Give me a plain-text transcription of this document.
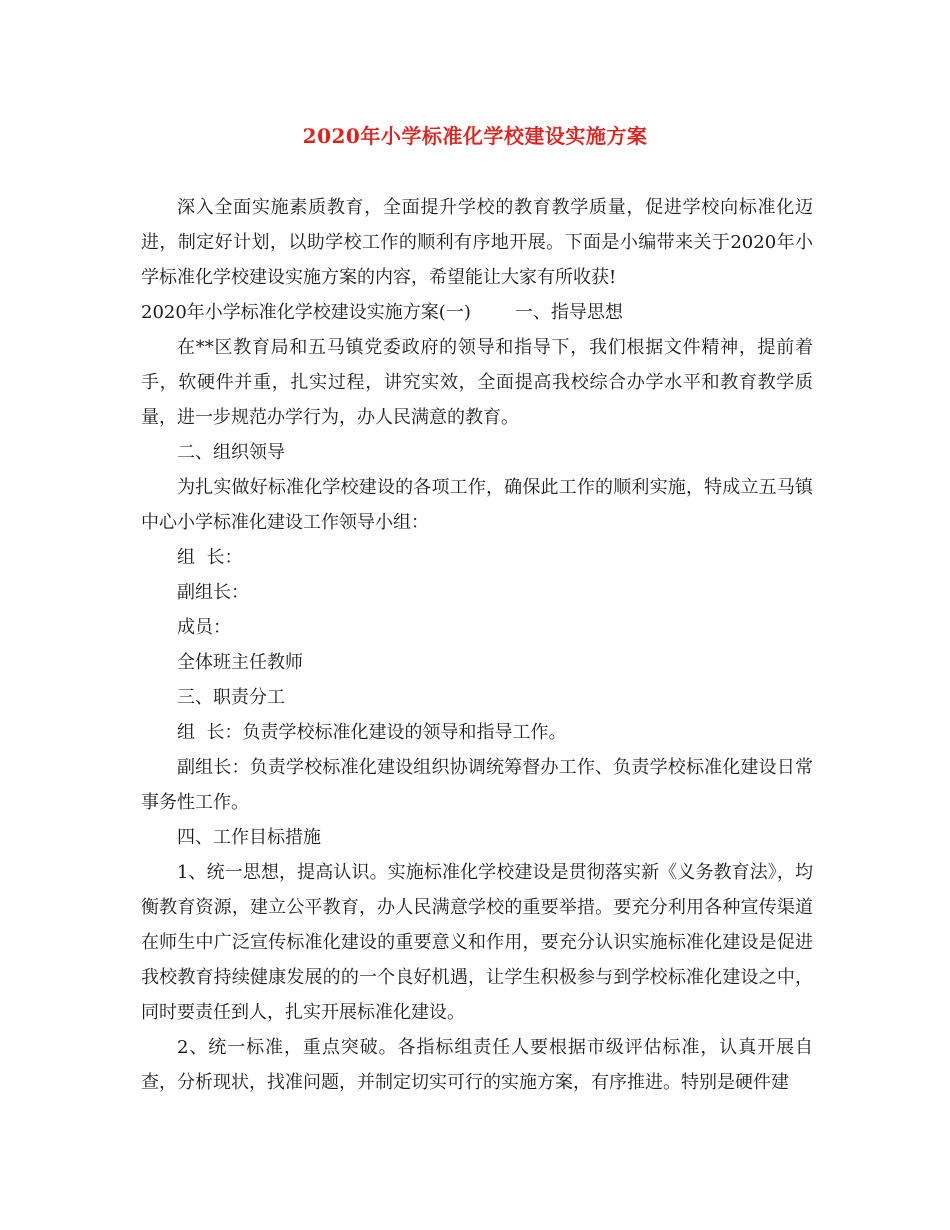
2020年小学标准化学校建设实施方案

深入全面实施素质教育，全面提升学校的教育教学质量，促进学校向标准化迈进，制定好计划，以助学校工作的顺利有序地开展。下面是小编带来关于2020年小学标准化学校建设实施方案的内容，希望能让大家有所收获!

2020年小学标准化学校建设实施方案(一) 一、指导思想

在**区教育局和五马镇党委政府的领导和指导下，我们根据文件精神，提前着手，软硬件并重，扎实过程，讲究实效，全面提高我校综合办学水平和教育教学质量，进一步规范办学行为，办人民满意的教育。

二、组织领导

为扎实做好标准化学校建设的各项工作，确保此工作的顺利实施，特成立五马镇中心小学标准化建设工作领导小组：

组  长：

副组长：

成员：

全体班主任教师

三、职责分工

组  长：负责学校标准化建设的领导和指导工作。

副组长：负责学校标准化建设组织协调统筹督办工作、负责学校标准化建设日常事务性工作。

四、工作目标措施

1、统一思想，提高认识。实施标准化学校建设是贯彻落实新《义务教育法》，均衡教育资源，建立公平教育，办人民满意学校的重要举措。要充分利用各种宣传渠道在师生中广泛宣传标准化建设的重要意义和作用，要充分认识实施标准化建设是促进我校教育持续健康发展的的一个良好机遇，让学生积极参与到学校标准化建设之中，同时要责任到人，扎实开展标准化建设。

2、统一标准，重点突破。各指标组责任人要根据市级评估标准，认真开展自查，分析现状，找准问题，并制定切实可行的实施方案，有序推进。特别是硬件建
